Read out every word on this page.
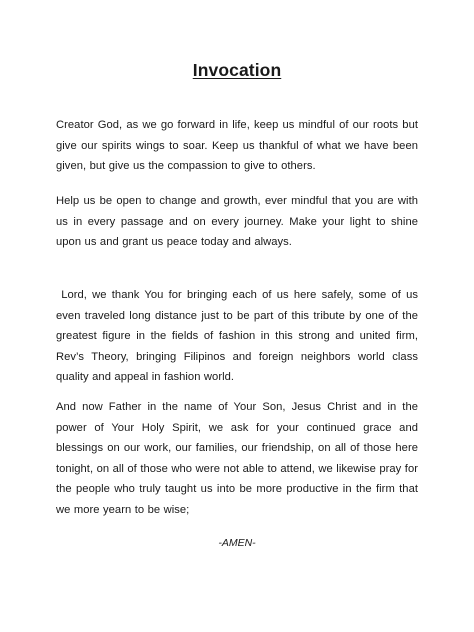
Invocation
Creator God, as we go forward in life, keep us mindful of our roots but give our spirits wings to soar. Keep us thankful of what we have been given, but give us the compassion to give to others.
Help us be open to change and growth, ever mindful that you are with us in every passage and on every journey. Make your light to shine upon us and grant us peace today and always.
Lord, we thank You for bringing each of us here safely, some of us even traveled long distance just to be part of this tribute by one of the greatest figure in the fields of fashion in this strong and united firm, Rev’s Theory, bringing Filipinos and foreign neighbors world class quality and appeal in fashion world.
And now Father in the name of Your Son, Jesus Christ and in the power of Your Holy Spirit, we ask for your continued grace and blessings on our work, our families, our friendship, on all of those here tonight, on all of those who were not able to attend, we likewise pray for the people who truly taught us into be more productive in the firm that we more yearn to be wise;
-AMEN-
